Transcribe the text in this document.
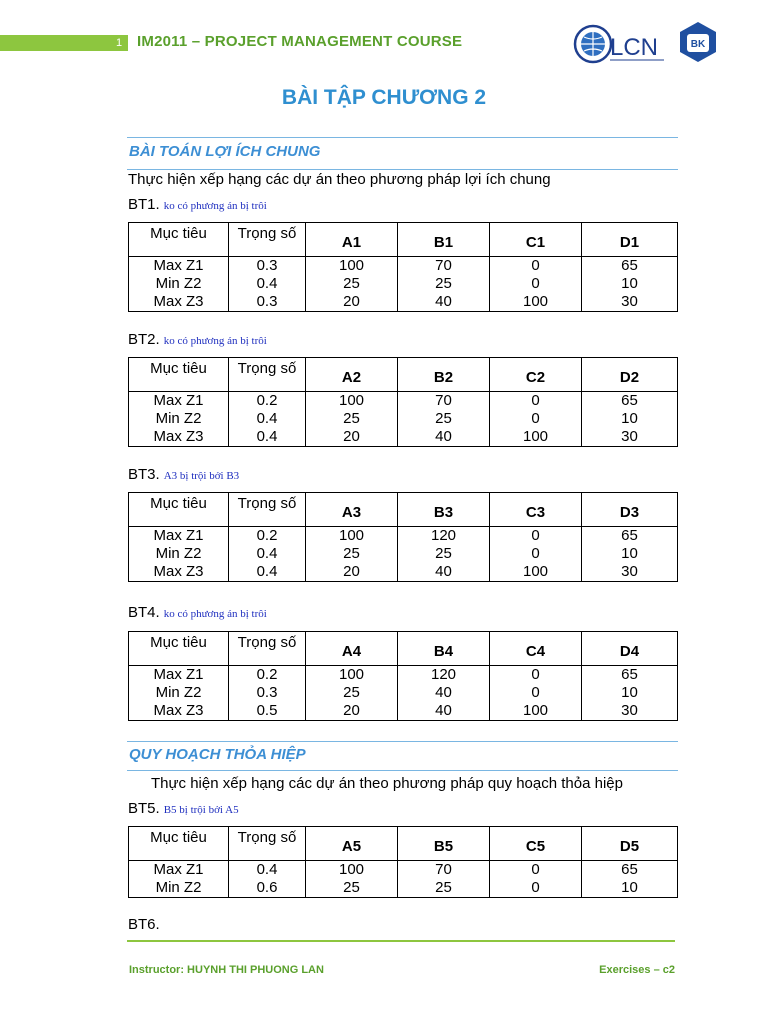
1 IM2011 – PROJECT MANAGEMENT COURSE	LCN	BK
BÀI TẬP CHƯƠNG 2
BÀI TOÁN LỢI ÍCH CHUNG
Thực hiện xếp hạng các dự án theo phương pháp lợi ích chung
BT1. ko có phương án bị trôi
Mục tiêu	Trọng số	A1	B1	C1	D1
Max Z1	0.3	100	70	0	65
Min Z2	0.4	25	25	0	10
Max Z3	0.3	20	40	100	30
BT2. ko có phương án bị trôi
Mục tiêu	Trọng số	A2	B2	C2	D2
Max Z1	0.2	100	70	0	65
Min Z2	0.4	25	25	0	10
Max Z3	0.4	20	40	100	30
BT3. A3 bị trội bởi B3
Mục tiêu	Trọng số	A3	B3	C3	D3
Max Z1	0.2	100	120	0	65
Min Z2	0.4	25	25	0	10
Max Z3	0.4	20	40	100	30
BT4. ko có phương án bị trôi
Mục tiêu	Trọng số	A4	B4	C4	D4
Max Z1	0.2	100	120	0	65
Min Z2	0.3	25	40	0	10
Max Z3	0.5	20	40	100	30
QUY HOẠCH THỎA HIỆP
Thực hiện xếp hạng các dự án theo phương pháp quy hoạch thỏa hiệp
BT5. B5 bị trội bởi A5
Mục tiêu	Trọng số	A5	B5	C5	D5
Max Z1	0.4	100	70	0	65
Min Z2	0.6	25	25	0	10
BT6.
Instructor: HUYNH THI PHUONG LAN	Exercises – c2
